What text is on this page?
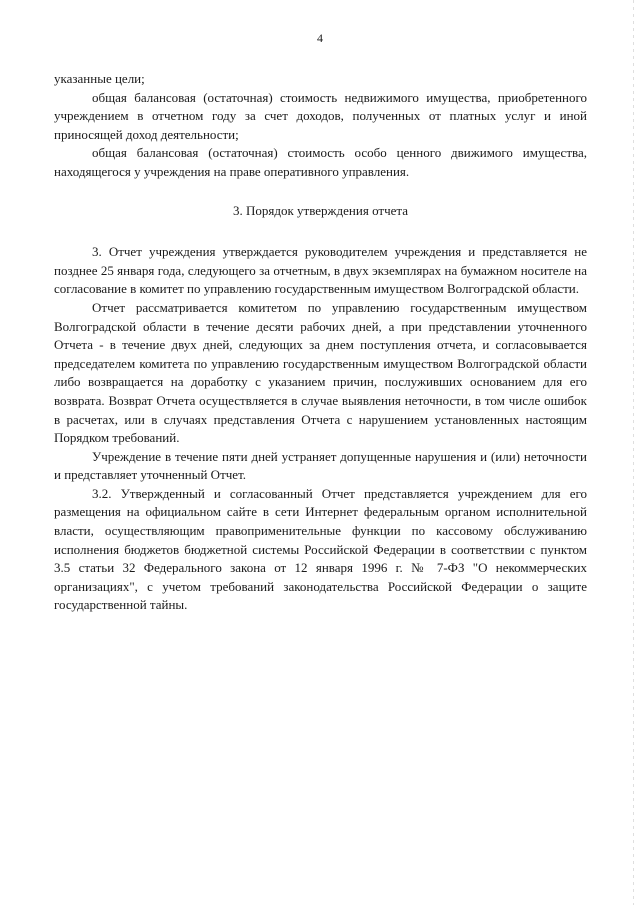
4

указанные цели;

общая балансовая (остаточная) стоимость недвижимого имущества, приобретенного учреждением в отчетном году за счет доходов, полученных от платных услуг и иной приносящей доход деятельности;

общая балансовая (остаточная) стоимость особо ценного движимого имущества, находящегося у учреждения на праве оперативного управления.

3. Порядок утверждения отчета

3. Отчет учреждения утверждается руководителем учреждения и представляется не позднее 25 января года, следующего за отчетным, в двух экземплярах на бумажном носителе на согласование в комитет по управлению государственным имуществом Волгоградской области.

Отчет рассматривается комитетом по управлению государственным имуществом Волгоградской области в течение десяти рабочих дней, а при представлении уточненного Отчета - в течение двух дней, следующих за днем поступления отчета, и согласовывается председателем комитета по управлению государственным имуществом Волгоградской области либо возвращается на доработку с указанием причин, послуживших основанием для его возврата. Возврат Отчета осуществляется в случае выявления неточности, в том числе ошибок в расчетах, или в случаях представления Отчета с нарушением установленных настоящим Порядком требований.

Учреждение в течение пяти дней устраняет допущенные нарушения и (или) неточности и представляет уточненный Отчет.

3.2. Утвержденный и согласованный Отчет представляется учреждением для его размещения на официальном сайте в сети Интернет федеральным органом исполнительной власти, осуществляющим правоприменительные функции по кассовому обслуживанию исполнения бюджетов бюджетной системы Российской Федерации в соответствии с пунктом 3.5 статьи 32 Федерального закона от 12 января 1996 г. № 7-ФЗ "О некоммерческих организациях", с учетом требований законодательства Российской Федерации о защите государственной тайны.
